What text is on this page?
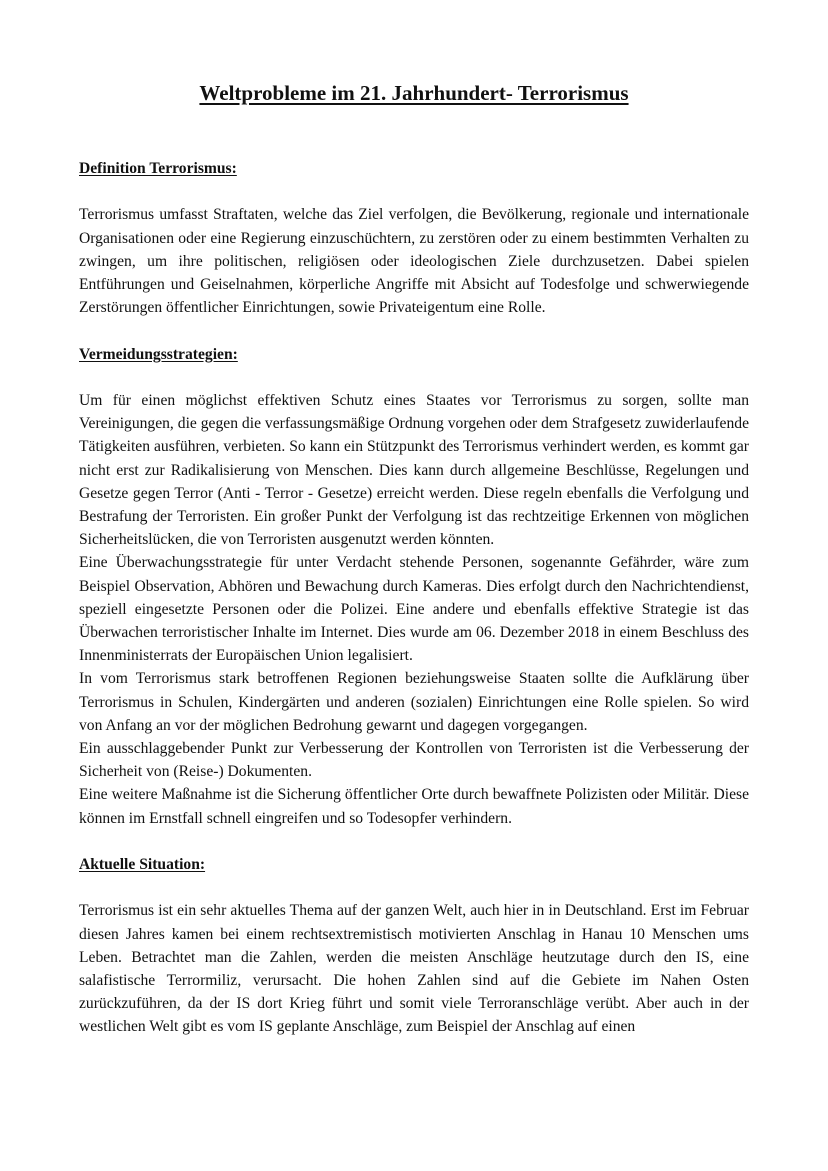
Weltprobleme im 21. Jahrhundert- Terrorismus

Definition Terrorismus:

Terrorismus umfasst Straftaten, welche das Ziel verfolgen, die Bevölkerung, regionale und internationale Organisationen oder eine Regierung einzuschüchtern, zu zerstören oder zu einem bestimmten Verhalten zu zwingen, um ihre politischen, religiösen oder ideologischen Ziele durchzusetzen. Dabei spielen Entführungen und Geiselnahmen, körperliche Angriffe mit Absicht auf Todesfolge und schwerwiegende Zerstörungen öffentlicher Einrichtungen, sowie Privateigentum eine Rolle.

Vermeidungsstrategien:

Um für einen möglichst effektiven Schutz eines Staates vor Terrorismus zu sorgen, sollte man Vereinigungen, die gegen die verfassungsmäßige Ordnung vorgehen oder dem Strafgesetz zuwiderlaufende Tätigkeiten ausführen, verbieten. So kann ein Stützpunkt des Terrorismus verhindert werden, es kommt gar nicht erst zur Radikalisierung von Menschen. Dies kann durch allgemeine Beschlüsse, Regelungen und Gesetze gegen Terror (Anti - Terror - Gesetze) erreicht werden. Diese regeln ebenfalls die Verfolgung und Bestrafung der Terroristen. Ein großer Punkt der Verfolgung ist das rechtzeitige Erkennen von möglichen Sicherheitslücken, die von Terroristen ausgenutzt werden könnten.

Eine Überwachungsstrategie für unter Verdacht stehende Personen, sogenannte Gefährder, wäre zum Beispiel Observation, Abhören und Bewachung durch Kameras. Dies erfolgt durch den Nachrichtendienst, speziell eingesetzte Personen oder die Polizei. Eine andere und ebenfalls effektive Strategie ist das Überwachen terroristischer Inhalte im Internet. Dies wurde am 06. Dezember 2018 in einem Beschluss des Innenministerrats der Europäischen Union legalisiert.

In vom Terrorismus stark betroffenen Regionen beziehungsweise Staaten sollte die Aufklärung über Terrorismus in Schulen, Kindergärten und anderen (sozialen) Einrichtungen eine Rolle spielen. So wird von Anfang an vor der möglichen Bedrohung gewarnt und dagegen vorgegangen.

Ein ausschlaggebender Punkt zur Verbesserung der Kontrollen von Terroristen ist die Verbesserung der Sicherheit von (Reise-) Dokumenten.

Eine weitere Maßnahme ist die Sicherung öffentlicher Orte durch bewaffnete Polizisten oder Militär. Diese können im Ernstfall schnell eingreifen und so Todesopfer verhindern.

Aktuelle Situation:

Terrorismus ist ein sehr aktuelles Thema auf der ganzen Welt, auch hier in in Deutschland. Erst im Februar diesen Jahres kamen bei einem rechtsextremistisch motivierten Anschlag in Hanau 10 Menschen ums Leben. Betrachtet man die Zahlen, werden die meisten Anschläge heutzutage durch den IS, eine salafistische Terrormiliz, verursacht. Die hohen Zahlen sind auf die Gebiete im Nahen Osten zurückzuführen, da der IS dort Krieg führt und somit viele Terroranschläge verübt. Aber auch in der westlichen Welt gibt es vom IS geplante Anschläge, zum Beispiel der Anschlag auf einen
